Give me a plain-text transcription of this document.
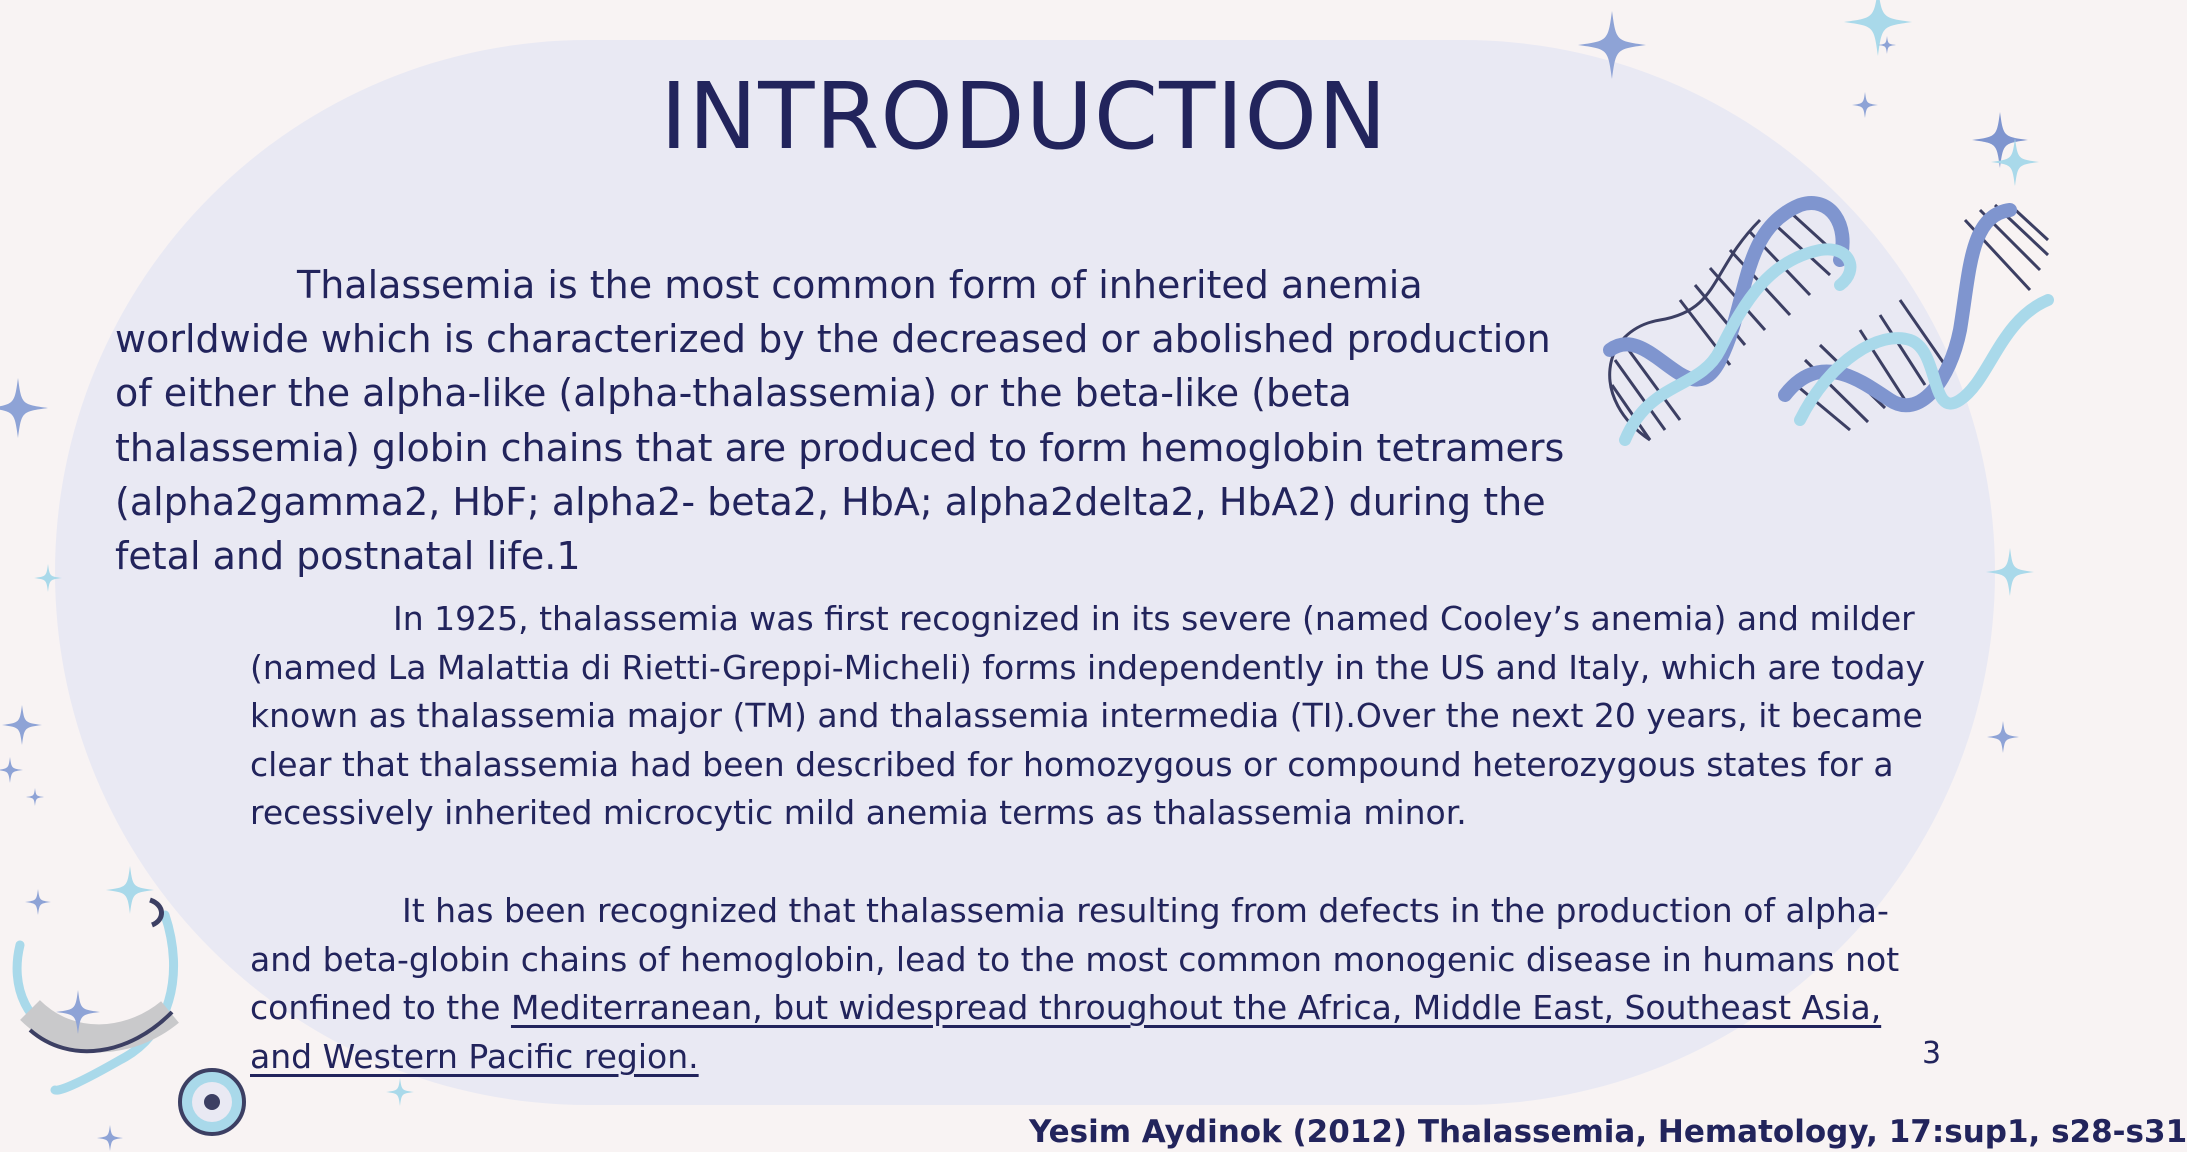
INTRODUCTION
Thalassemia is the most common form of inherited anemia worldwide which is characterized by the decreased or abolished production of either the alpha-like (alpha-thalassemia) or the beta-like (beta thalassemia) globin chains that are produced to form hemoglobin tetramers (alpha2gamma2, HbF; alpha2- beta2, HbA; alpha2delta2, HbA2) during the fetal and postnatal life.1
In 1925, thalassemia was first recognized in its severe (named Cooley’s anemia) and milder (named La Malattia di Rietti-Greppi-Micheli) forms independently in the US and Italy, which are today known as thalassemia major (TM) and thalassemia intermedia (TI).Over the next 20 years, it became clear that thalassemia had been described for homozygous or compound heterozygous states for a recessively inherited microcytic mild anemia terms as thalassemia minor.
It has been recognized that thalassemia resulting from defects in the production of alpha- and beta-globin chains of hemoglobin, lead to the most common monogenic disease in humans not confined to the Mediterranean, but widespread throughout the Africa, Middle East, Southeast Asia, and Western Pacific region.	3
Yesim Aydinok (2012) Thalassemia, Hematology, 17:sup1, s28-s31
